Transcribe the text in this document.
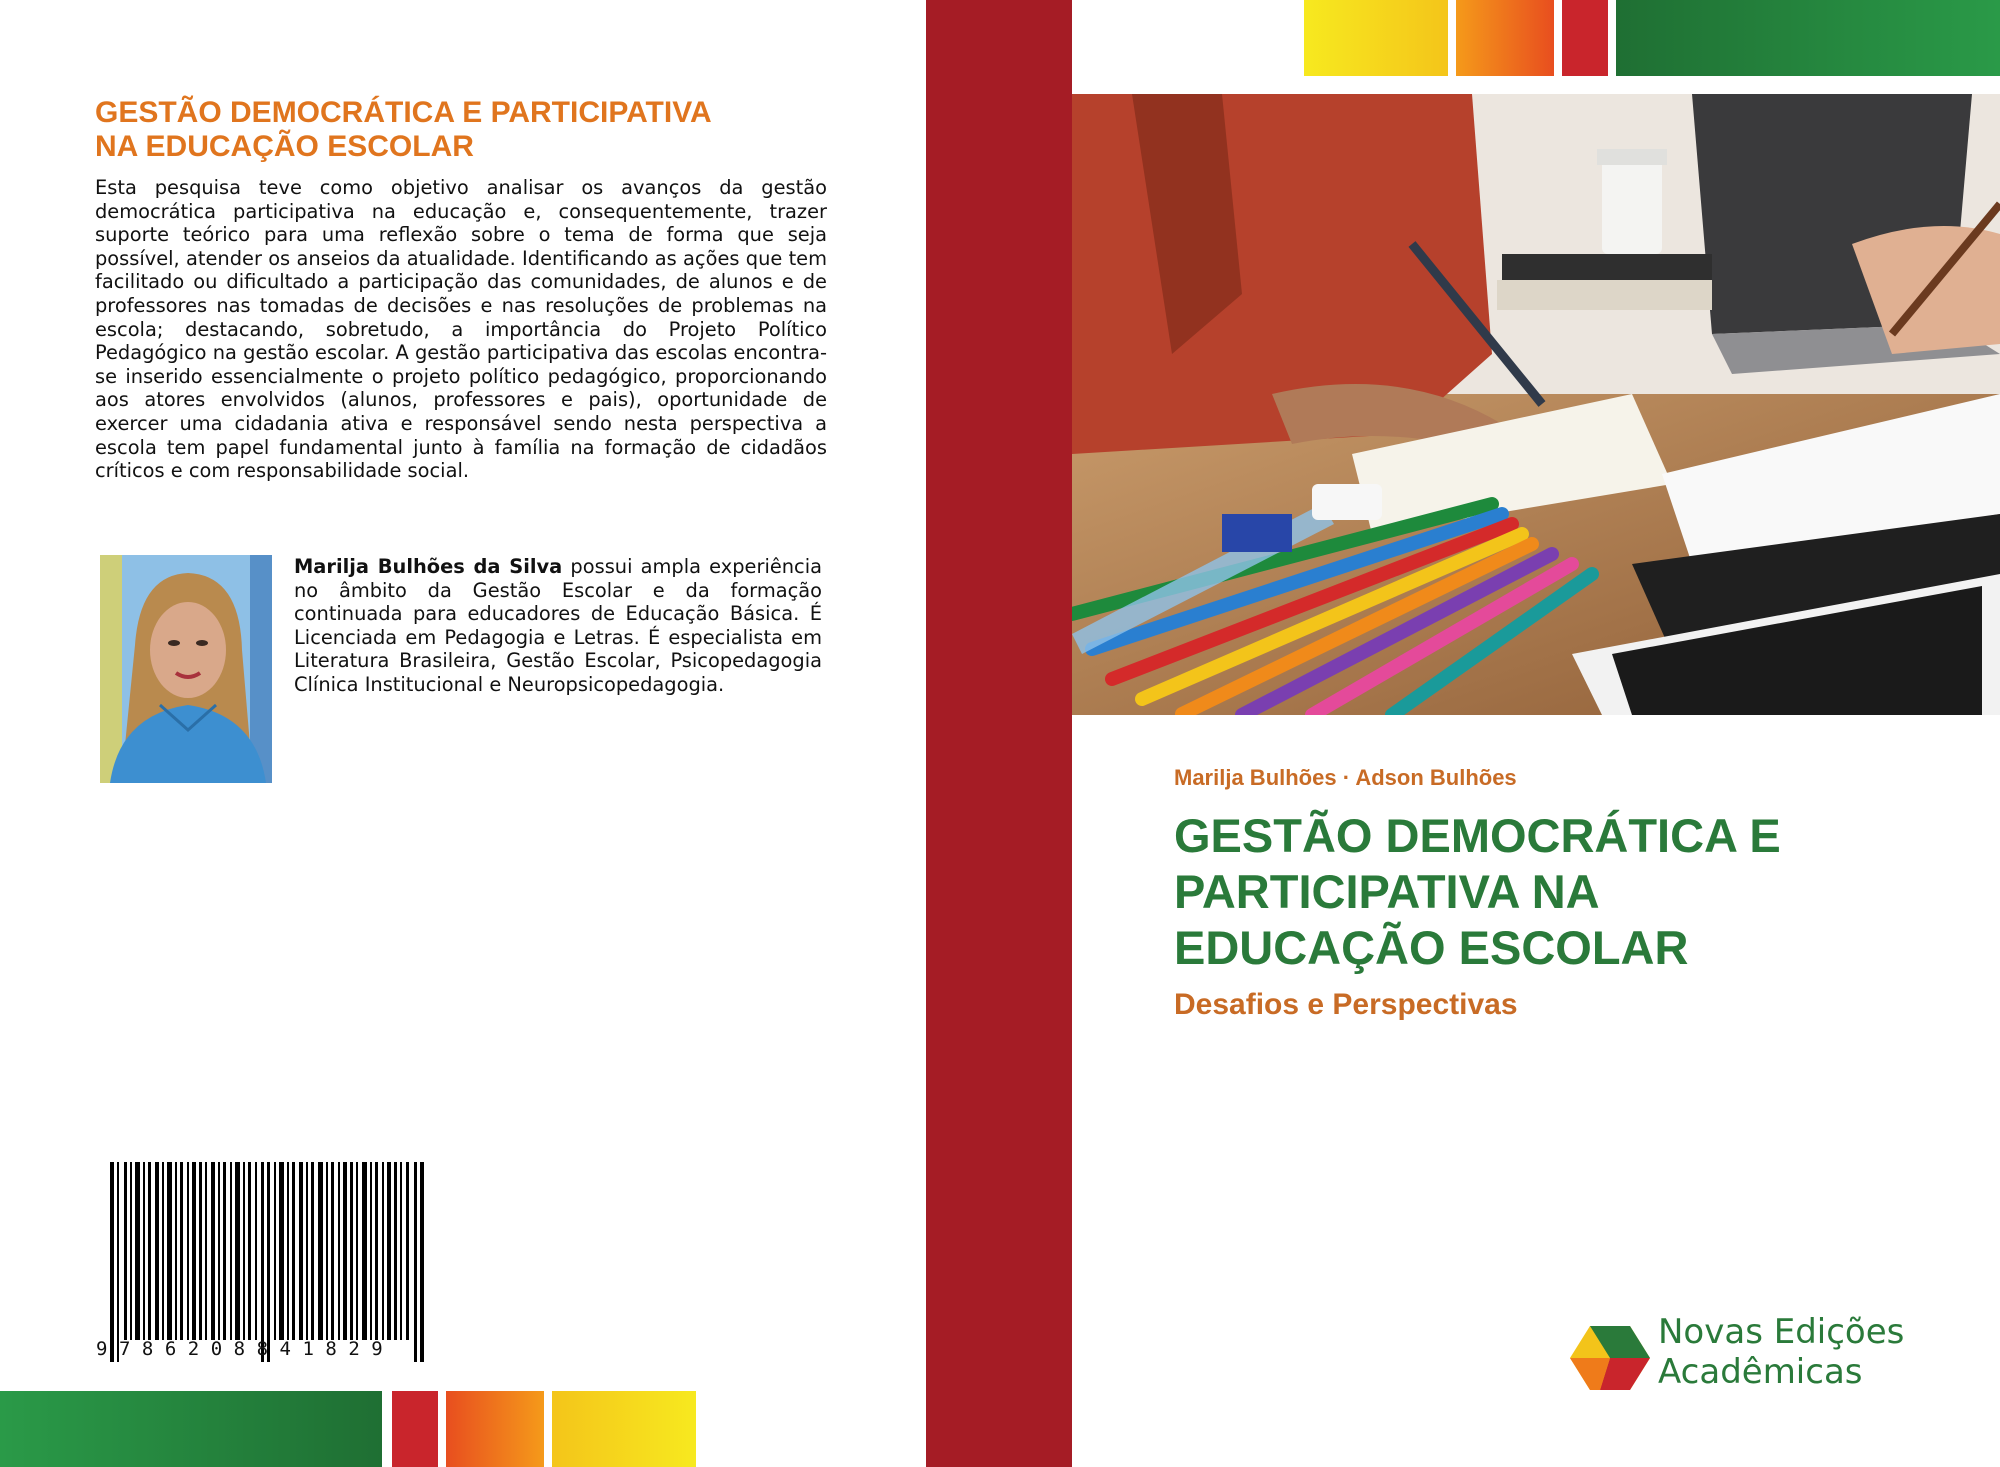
GESTÃO DEMOCRÁTICA E PARTICIPATIVA
NA EDUCAÇÃO ESCOLAR

Esta pesquisa teve como objetivo analisar os avanços da gestão democrática participativa na educação e, consequentemente, trazer suporte teórico para uma reflexão sobre o tema de forma que seja possível, atender os anseios da atualidade. Identificando as ações que tem facilitado ou dificultado a participação das comunidades, de alunos e de professores nas tomadas de decisões e nas resoluções de problemas na escola; destacando, sobretudo, a importância do Projeto Político Pedagógico na gestão escolar. A gestão participativa das escolas encontra-se inserido essencialmente o projeto político pedagógico, proporcionando aos atores envolvidos (alunos, professores e pais), oportunidade de exercer uma cidadania ativa e responsável sendo nesta perspectiva a escola tem papel fundamental junto à família na formação de cidadãos críticos e com responsabilidade social.

Marilja Bulhões da Silva possui ampla experiência no âmbito da Gestão Escolar e da formação continuada para educadores de Educação Básica. É Licenciada em Pedagogia e Letras. É especialista em Literatura Brasileira, Gestão Escolar, Psicopedagogia Clínica Institucional e Neuropsicopedagogia.

9786208841829
Marilja Bulhões · Adson Bulhões
GESTÃO DEMOCRÁTICA E
PARTICIPATIVA NA
EDUCAÇÃO ESCOLAR
Desafios e Perspectivas
Novas Edições
Acadêmicas
